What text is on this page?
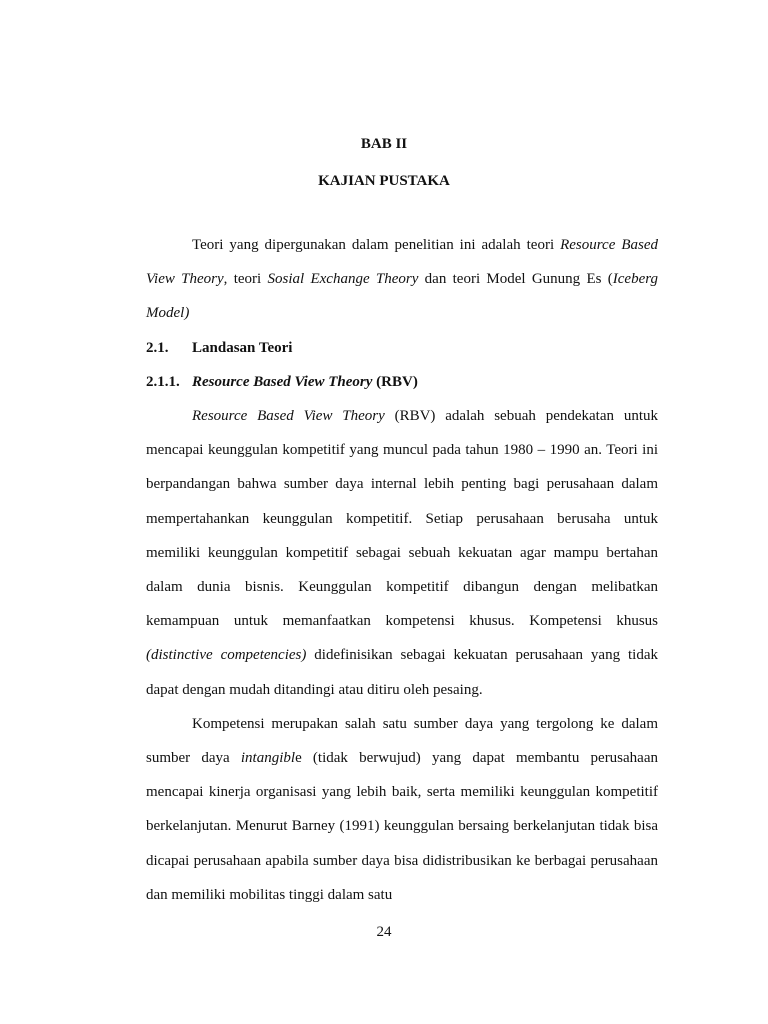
BAB II
KAJIAN PUSTAKA

Teori yang dipergunakan dalam penelitian ini adalah teori Resource Based View Theory, teori Sosial Exchange Theory dan teori Model Gunung Es (Iceberg Model)

2.1.	Landasan Teori

2.1.1. Resource Based View Theory (RBV)

Resource Based View Theory (RBV) adalah sebuah pendekatan untuk mencapai keunggulan kompetitif yang muncul pada tahun 1980 – 1990 an. Teori ini berpandangan bahwa sumber daya internal lebih penting bagi perusahaan dalam mempertahankan keunggulan kompetitif. Setiap perusahaan berusaha untuk memiliki keunggulan kompetitif sebagai sebuah kekuatan agar mampu bertahan dalam dunia bisnis. Keunggulan kompetitif dibangun dengan melibatkan kemampuan untuk memanfaatkan kompetensi khusus. Kompetensi khusus (distinctive competencies) didefinisikan sebagai kekuatan perusahaan yang tidak dapat dengan mudah ditandingi atau ditiru oleh pesaing.

Kompetensi merupakan salah satu sumber daya yang tergolong ke dalam sumber daya intangible (tidak berwujud) yang dapat membantu perusahaan mencapai kinerja organisasi yang lebih baik, serta memiliki keunggulan kompetitif berkelanjutan. Menurut Barney (1991) keunggulan bersaing berkelanjutan tidak bisa dicapai perusahaan apabila sumber daya bisa didistribusikan ke berbagai perusahaan dan memiliki mobilitas tinggi dalam satu

24
